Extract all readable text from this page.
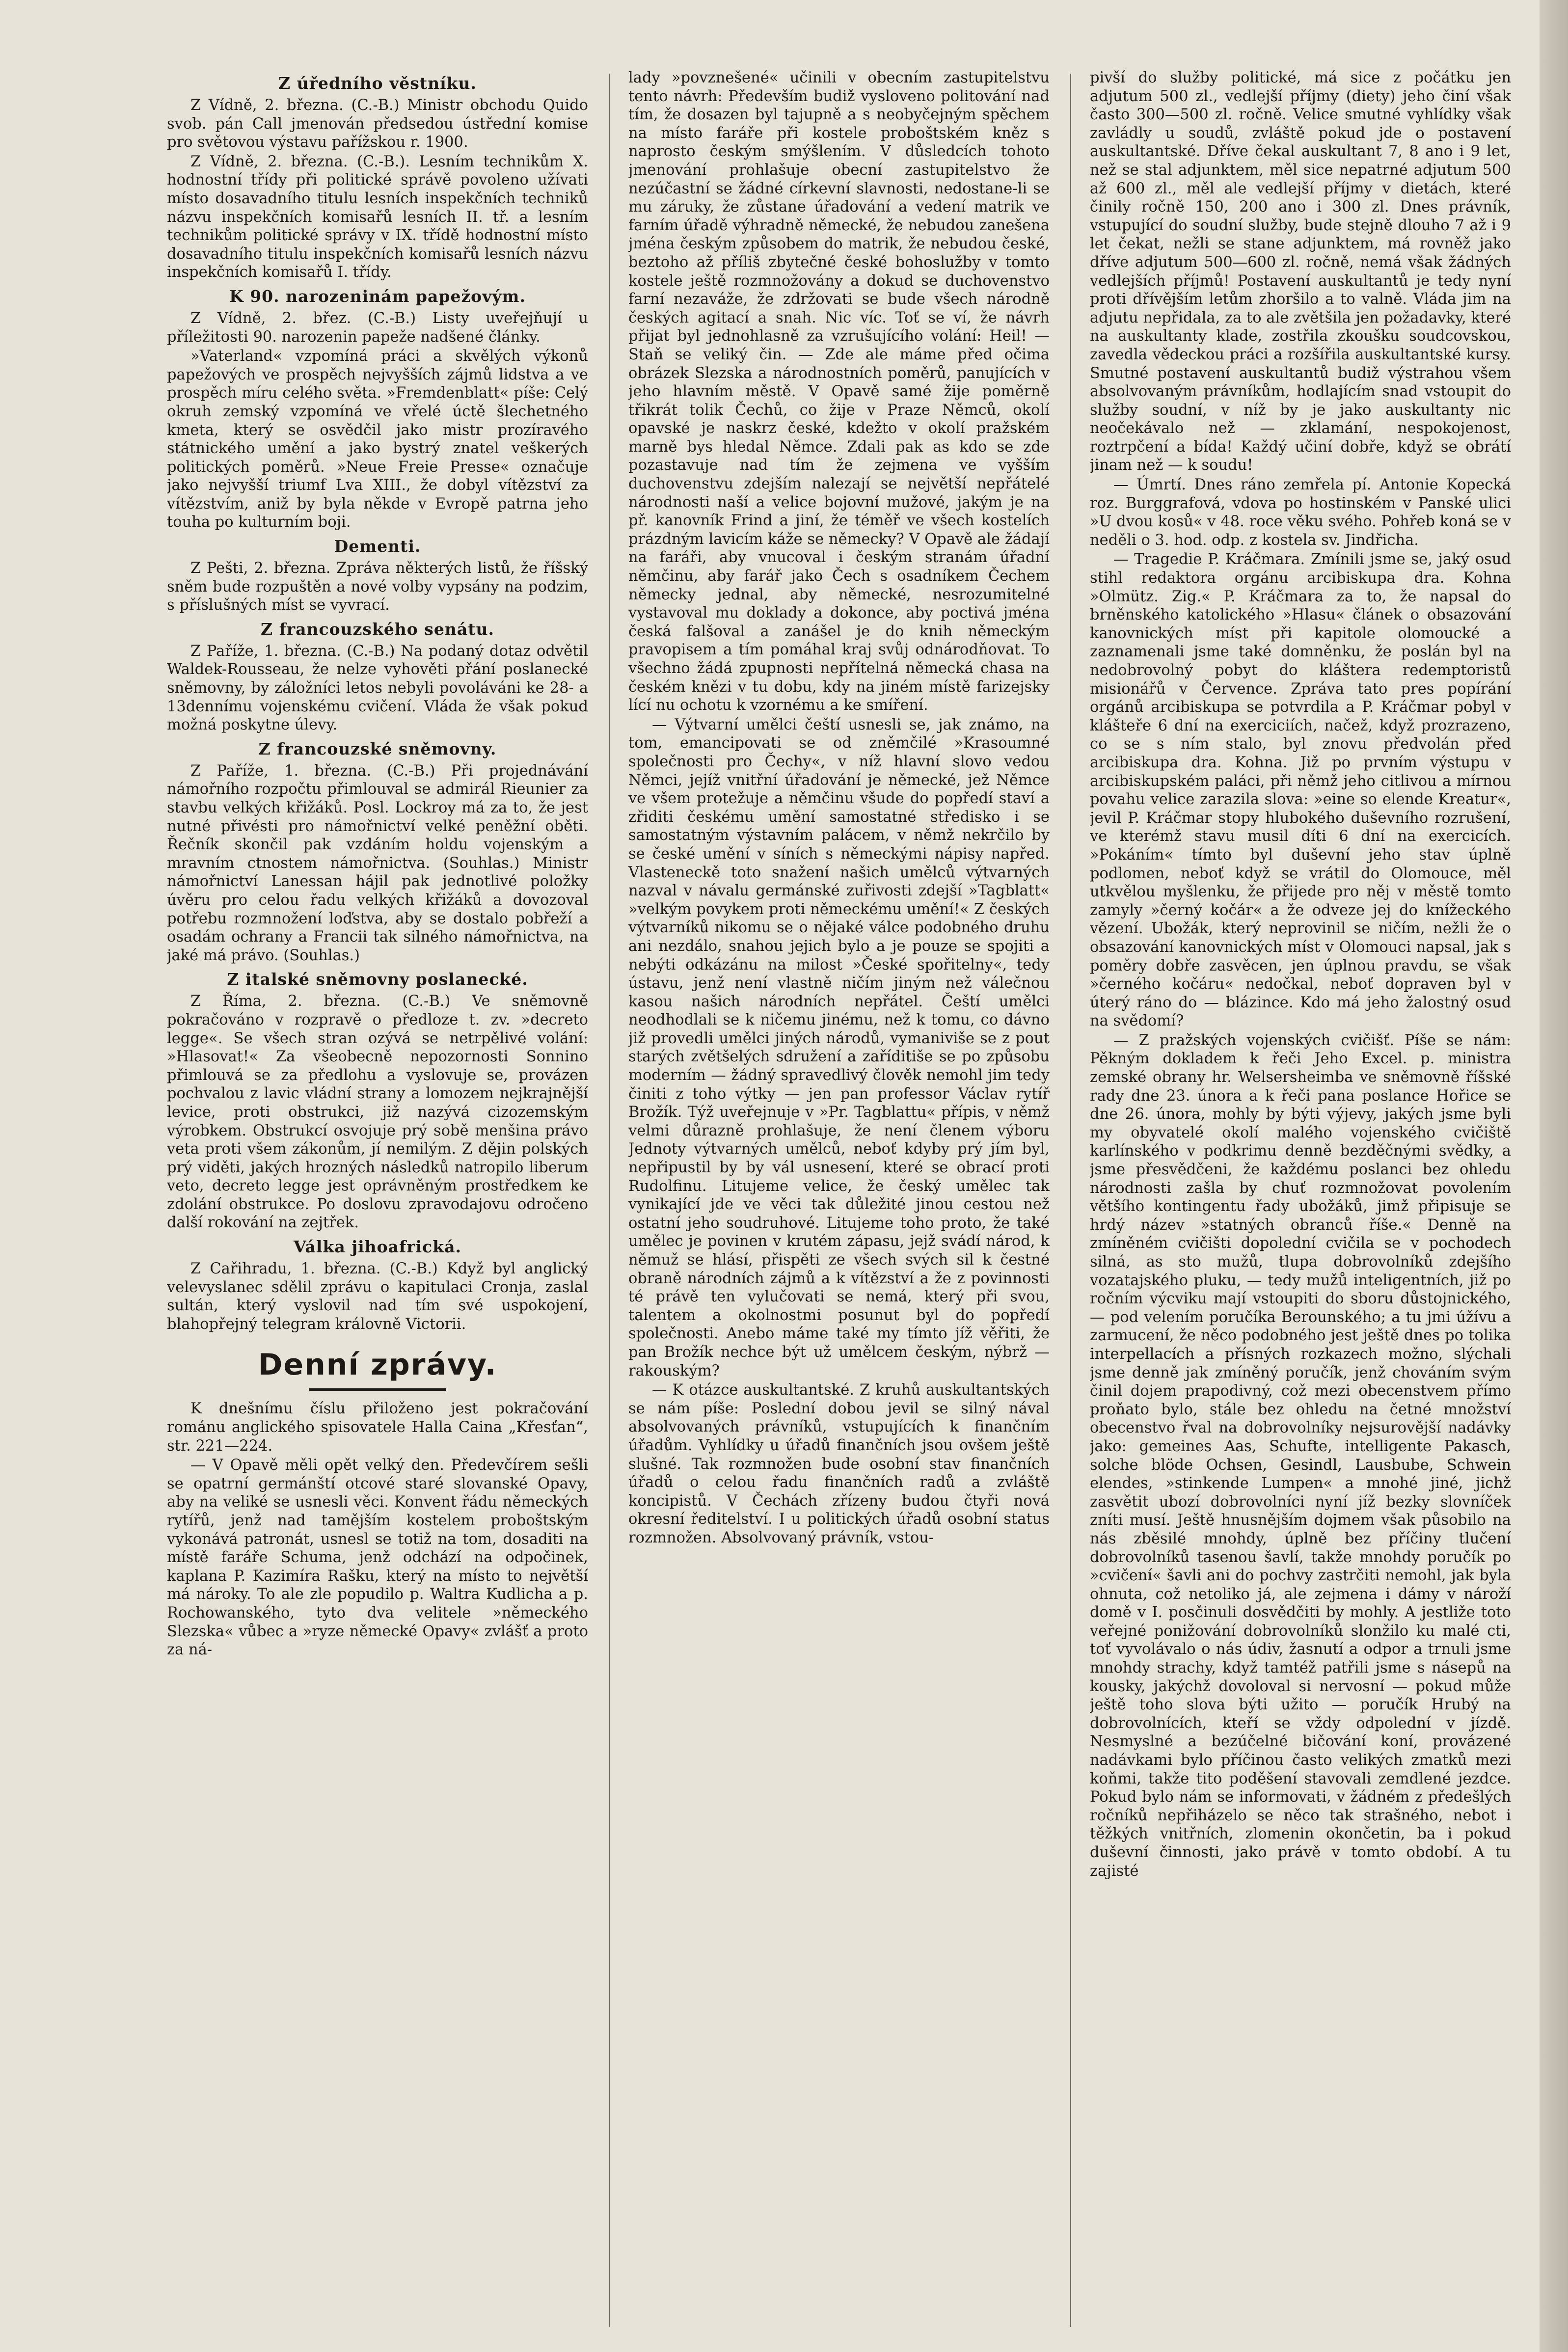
Z úředního věstníku.

Z Vídně, 2. března. (C.-B.) Ministr obchodu Quido svob. pán Call jmenován předsedou ústřední komise pro světovou výstavu pařížskou r. 1900.

Z Vídně, 2. března. (C.-B.). Lesním technikům X. hodnostní třídy při politické správě povoleno užívati místo dosavadního titulu lesních inspekčních techniků názvu inspekčních komisařů lesních II. tř. a lesním technikům politické správy v IX. třídě hodnostní místo dosavadního titulu inspekčních komisařů lesních názvu inspekčních komisařů I. třídy.

K 90. narozeninám papežovým.

Z Vídně, 2. břez. (C.-B.) Listy uveřejňují u příležitosti 90. narozenin papeže nadšené články.

»Vaterland« vzpomíná práci a skvělých výkonů papežových ve prospěch nejvyšších zájmů lidstva a ve prospěch míru celého světa. »Fremdenblatt« píše: Celý okruh zemský vzpomíná ve vřelé úctě šlechetného kmeta, který se osvědčil jako mistr prozíravého státnického umění a jako bystrý znatel veškerých politických poměrů. »Neue Freie Presse« označuje jako nejvyšší triumf Lva XIII., že dobyl vítězství za vítězstvím, aniž by byla někde v Evropě patrna jeho touha po kulturním boji.

Dementi.

Z Pešti, 2. března. Zpráva některých listů, že říšský sněm bude rozpuštěn a nové volby vypsány na podzim, s příslušných míst se vyvrací.

Z francouzského senátu.

Z Paříže, 1. března. (C.-B.) Na podaný dotaz odvětil Waldek-Rousseau, že nelze vyhověti přání poslanecké sněmovny, by záložníci letos nebyli povoláváni ke 28- a 13dennímu vojenskému cvičení. Vláda že však pokud možná poskytne úlevy.

Z francouzské sněmovny.

Z Paříže, 1. března. (C.-B.) Při projednávání námořního rozpočtu přimlouval se admirál Rieunier za stavbu velkých křižáků. Posl. Lockroy má za to, že jest nutné přivésti pro námořnictví velké peněžní oběti. Řečník skončil pak vzdáním holdu vojenským a mravním ctnostem námořnictva. (Souhlas.) Ministr námořnictví Lanessan hájil pak jednotlivé položky úvěru pro celou řadu velkých křižáků a dovozoval potřebu rozmnožení loďstva, aby se dostalo pobřeží a osadám ochrany a Francii tak silného námořnictva, na jaké má právo. (Souhlas.)

Z italské sněmovny poslanecké.

Z Říma, 2. března. (C.-B.) Ve sněmovně pokračováno v rozpravě o předloze t. zv. »decreto legge«. Se všech stran ozývá se netrpělivé volání: »Hlasovat!« Za všeobecně nepozornosti Sonnino přimlouvá se za předlohu a vyslovuje se, provázen pochvalou z lavic vládní strany a lomozem nejkrajnější levice, proti obstrukci, již nazývá cizozemským výrobkem. Obstrukcí osvojuje prý sobě menšina právo veta proti všem zákonům, jí nemilým. Z dějin polských prý viděti, jakých hrozných následků natropilo liberum veto, decreto legge jest oprávněným prostředkem ke zdolání obstrukce. Po doslovu zpravodajovu odročeno další rokování na zejtřek.

Válka jihoafrická.

Z Cařihradu, 1. března. (C.-B.) Když byl anglický velevyslanec sdělil zprávu o kapitulaci Cronja, zaslal sultán, který vyslovil nad tím své uspokojení, blahopřejný telegram královně Victorii.

Denní zprávy.

K dnešnímu číslu přiloženo jest pokračování románu anglického spisovatele Halla Caina „Křesťan“, str. 221—224.

— V Opavě měli opět velký den. Předevčírem sešli se opatrní germánští otcové staré slovanské Opavy, aby na veliké se usnesli věci. Konvent řádu německých rytířů, jenž nad tamějším kostelem proboštským vykonává patronát, usnesl se totiž na tom, dosaditi na místě faráře Schuma, jenž odchází na odpočinek, kaplana P. Kazimíra Rašku, který na místo to největší má nároky. To ale zle popudilo p. Waltra Kudlicha a p. Rochowanského, tyto dva velitele »německého Slezska« vůbec a »ryze německé Opavy« zvlášť a proto za ná-

lady »povznešené« učinili v obecním zastupitelstvu tento návrh: Především budiž vysloveno politování nad tím, že dosazen byl tajupně a s neobyčejným spěchem na místo faráře při kostele proboštském kněz s naprosto českým smýšlením. V důsledcích tohoto jmenování prohlašuje obecní zastupitelstvo že nezúčastní se žádné církevní slavnosti, nedostane-li se mu záruky, že zůstane úřadování a vedení matrik ve farním úřadě výhradně německé, že nebudou zanešena jména českým způsobem do matrik, že nebudou české, beztoho až příliš zbytečné české bohoslužby v tomto kostele ještě rozmnožovány a dokud se duchovenstvo farní nezaváže, že zdržovati se bude všech národně českých agitací a snah. Nic víc. Toť se ví, že návrh přijat byl jednohlasně za vzrušujícího volání: Heil! — Staň se veliký čin. — Zde ale máme před očima obrázek Slezska a národnostních poměrů, panujících v jeho hlavním městě. V Opavě samé žije poměrně třikrát tolik Čechů, co žije v Praze Němců, okolí opavské je naskrz české, kdežto v okolí pražském marně bys hledal Němce. Zdali pak as kdo se zde pozastavuje nad tím že zejmena ve vyšším duchovenstvu zdejším nalezají se největší nepřátelé národnosti naší a velice bojovní mužové, jakým je na př. kanovník Frind a jiní, že téměř ve všech kostelích prázdným lavicím káže se německy? V Opavě ale žádají na faráři, aby vnucoval i českým stranám úřadní němčinu, aby farář jako Čech s osadníkem Čechem německy jednal, aby německé, nesrozumitelné vystavoval mu doklady a dokonce, aby poctivá jména česká falšoval a zanášel je do knih německým pravopisem a tím pomáhal kraj svůj odnárodňovat. To všechno žádá zpupnosti nepřítelná německá chasa na českém knězi v tu dobu, kdy na jiném místě farizejsky lící nu ochotu k vzornému a ke smíření.

— Výtvarní umělci čeští usnesli se, jak známo, na tom, emancipovati se od zněmčilé »Krasoumné společnosti pro Čechy«, v níž hlavní slovo vedou Němci, jejíž vnitřní úřadování je německé, jež Němce ve všem protežuje a němčinu všude do popředí staví a zřiditi českému umění samostatné středisko i se samostatným výstavním palácem, v němž nekrčilo by se české umění v síních s německými nápisy napřed. Vlasteneckě toto snažení našich umělců výtvarných nazval v návalu germánské zuřivosti zdejší »Tagblatt« »velkým povykem proti německému umění!« Z českých výtvarníků nikomu se o nějaké válce podobného druhu ani nezdálo, snahou jejich bylo a je pouze se spojiti a nebýti odkázánu na milost »České spořitelny«, tedy ústavu, jenž není vlastně ničím jiným než válečnou kasou našich národních nepřátel. Čeští umělci neodhodlali se k ničemu jinému, než k tomu, co dávno již provedli umělci jiných národů, vymaniviše se z pout starých zvětšelých sdružení a zaříditiše se po způsobu moderním — žádný spravedlivý člověk nemohl jim tedy činiti z toho výtky — jen pan professor Václav rytíř Brožík. Týž uveřejnuje v »Pr. Tagblattu« přípis, v němž velmi důrazně prohlašuje, že není členem výboru Jednoty výtvarných umělců, neboť kdyby prý jím byl, nepřipustil by by vál usnesení, které se obrací proti Rudolfinu. Litujeme velice, že český umělec tak vynikající jde ve věci tak důležité jinou cestou než ostatní jeho soudruhové. Litujeme toho proto, že také umělec je povinen v krutém zápasu, jejž svádí národ, k němuž se hlásí, přispěti ze všech svých sil k čestné obraně národních zájmů a k vítězství a že z povinnosti té právě ten vylučovati se nemá, který při svou, talentem a okolnostmi posunut byl do popředí společnosti. Anebo máme také my tímto jíž věřiti, že pan Brožík nechce být už umělcem českým, nýbrž — rakouským?

— K otázce auskultantské. Z kruhů auskultantských se nám píše: Poslední dobou jevil se silný nával absolvovaných právníků, vstupujících k finančním úřadům. Vyhlídky u úřadů finančních jsou ovšem ještě slušné. Tak rozmnožen bude osobní stav finančních úřadů o celou řadu finančních radů a zvláště koncipistů. V Čechách zřízeny budou čtyři nová okresní ředitelství. I u politických úřadů osobní status rozmnožen. Absolvovaný právník, vstou-

pivší do služby politické, má sice z počátku jen adjutum 500 zl., vedlejší příjmy (diety) jeho činí však často 300—500 zl. ročně. Velice smutné vyhlídky však zavládly u soudů, zvláště pokud jde o postavení auskultantské. Dříve čekal auskultant 7, 8 ano i 9 let, než se stal adjunktem, měl sice nepatrné adjutum 500 až 600 zl., měl ale vedlejší příjmy v dietách, které činily ročně 150, 200 ano i 300 zl. Dnes právník, vstupující do soudní služby, bude stejně dlouho 7 až i 9 let čekat, nežli se stane adjunktem, má rovněž jako dříve adjutum 500—600 zl. ročně, nemá však žádných vedlejších příjmů! Postavení auskultantů je tedy nyní proti dřívějším letům zhoršilo a to valně. Vláda jim na adjutu nepřidala, za to ale zvětšila jen požadavky, které na auskultanty klade, zostřila zkoušku soudcovskou, zavedla vědeckou práci a rozšířila auskultantské kursy. Smutné postavení auskultantů budiž výstrahou všem absolvovaným právníkům, hodlajícím snad vstoupit do služby soudní, v níž by je jako auskultanty nic neočekávalo než — zklamání, nespokojenost, roztrpčení a bída! Každý učiní dobře, když se obrátí jinam než — k soudu!

— Úmrtí. Dnes ráno zemřela pí. Antonie Kopecká roz. Burggrafová, vdova po hostinském v Panské ulici »U dvou kosů« v 48. roce věku svého. Pohřeb koná se v neděli o 3. hod. odp. z kostela sv. Jindřicha.

— Tragedie P. Kráčmara. Zmínili jsme se, jaký osud stihl redaktora orgánu arcibiskupa dra. Kohna »Olmütz. Zig.« P. Kráčmara za to, že napsal do brněnského katolického »Hlasu« článek o obsazování kanovnických míst při kapitole olomoucké a zaznamenali jsme také domněnku, že poslán byl na nedobrovolný pobyt do kláštera redemptoristů misionářů v Července. Zpráva tato pres popírání orgánů arcibiskupa se potvrdila a P. Kráčmar pobyl v klášteře 6 dní na exerciciích, načež, když prozrazeno, co se s ním stalo, byl znovu předvolán před arcibiskupa dra. Kohna. Již po prvním výstupu v arcibiskupském paláci, při němž jeho citlivou a mírnou povahu velice zarazila slova: »eine so elende Kreatur«, jevil P. Kráčmar stopy hlubokého duševního rozrušení, ve kterémž stavu musil díti 6 dní na exercicích. »Pokáním« tímto byl duševní jeho stav úplně podlomen, neboť když se vrátil do Olomouce, měl utkvělou myšlenku, že přijede pro něj v městě tomto zamyly »černý kočár« a že odveze jej do knížeckého vězení. Ubožák, který neprovinil se ničím, nežli že o obsazování kanovnických míst v Olomouci napsal, jak s poměry dobře zasvěcen, jen úplnou pravdu, se však »černého kočáru« nedočkal, neboť dopraven byl v úterý ráno do — blázince. Kdo má jeho žalostný osud na svědomí?

— Z pražských vojenských cvičišť. Píše se nám: Pěkným dokladem k řeči Jeho Excel. p. ministra zemské obrany hr. Welsersheimba ve sněmovně říšské rady dne 23. února a k řeči pana poslance Hořice se dne 26. února, mohly by býti výjevy, jakých jsme byli my obyvatelé okolí malého vojenského cvičiště karlínského v podkrimu denně bezděčnými svědky, a jsme přesvědčeni, že každému poslanci bez ohledu národnosti zašla by chuť rozmnožovat povolením většího kontingentu řady ubožáků, jimž připisuje se hrdý název »statných obranců říše.« Denně na zmíněném cvičišti dopolední cvičila se v pochodech silná, as sto mužů, tlupa dobrovolníků zdejšího vozatajského pluku, — tedy mužů inteligentních, již po ročním výcviku mají vstoupiti do sboru důstojnického, — pod velením poručíka Berounského; a tu jmi úžívu a zarmucení, že něco podobného jest ještě dnes po tolika interpellacích a přísných rozkazech možno, slýchali jsme denně jak zmíněný poručík, jenž chováním svým činil dojem prapodivný, což mezi obecenstvem přímo proňato bylo, stále bez ohledu na četné množství obecenstvo řval na dobrovolníky nejsurovější nadávky jako: gemeines Aas, Schufte, intelligente Pakasch, solche blöde Ochsen, Gesindl, Lausbube, Schwein elendes, »stinkende Lumpen« a mnohé jiné, jichž zasvětit ubozí dobrovolníci nyní jíž bezky slovníček zníti musí. Ještě hnusnějším dojmem však působilo na nás zběsilé mnohdy, úplně bez příčiny tlučení dobrovolníků tasenou šavlí, takže mnohdy poručík po »cvičení« šavli ani do pochvy zastrčiti nemohl, jak byla ohnuta, což netoliko já, ale zejmena i dámy v nároží domě v I. posčinuli dosvědčiti by mohly. A jestliže toto veřejné ponižování dobrovolníků slonžilo ku malé cti, toť vyvolávalo o nás údiv, žasnutí a odpor a trnuli jsme mnohdy strachy, když tamtéž patřili jsme s násepů na kousky, jakýchž dovoloval si nervosní — pokud může ještě toho slova býti užito — poručík Hrubý na dobrovolnících, kteří se vždy odpolední v jízdě. Nesmyslné a bezúčelné bičování koní, provázené nadávkami bylo příčinou často velikých zmatků mezi koňmi, takže tito poděšení stavovali zemdlené jezdce. Pokud bylo nám se informovati, v žádném z předešlých ročníků nepřiházelo se něco tak strašného, nebot i těžkých vnitřních, zlomenin okončetin, ba i pokud duševní činnosti, jako právě v tomto období. A tu zajisté
